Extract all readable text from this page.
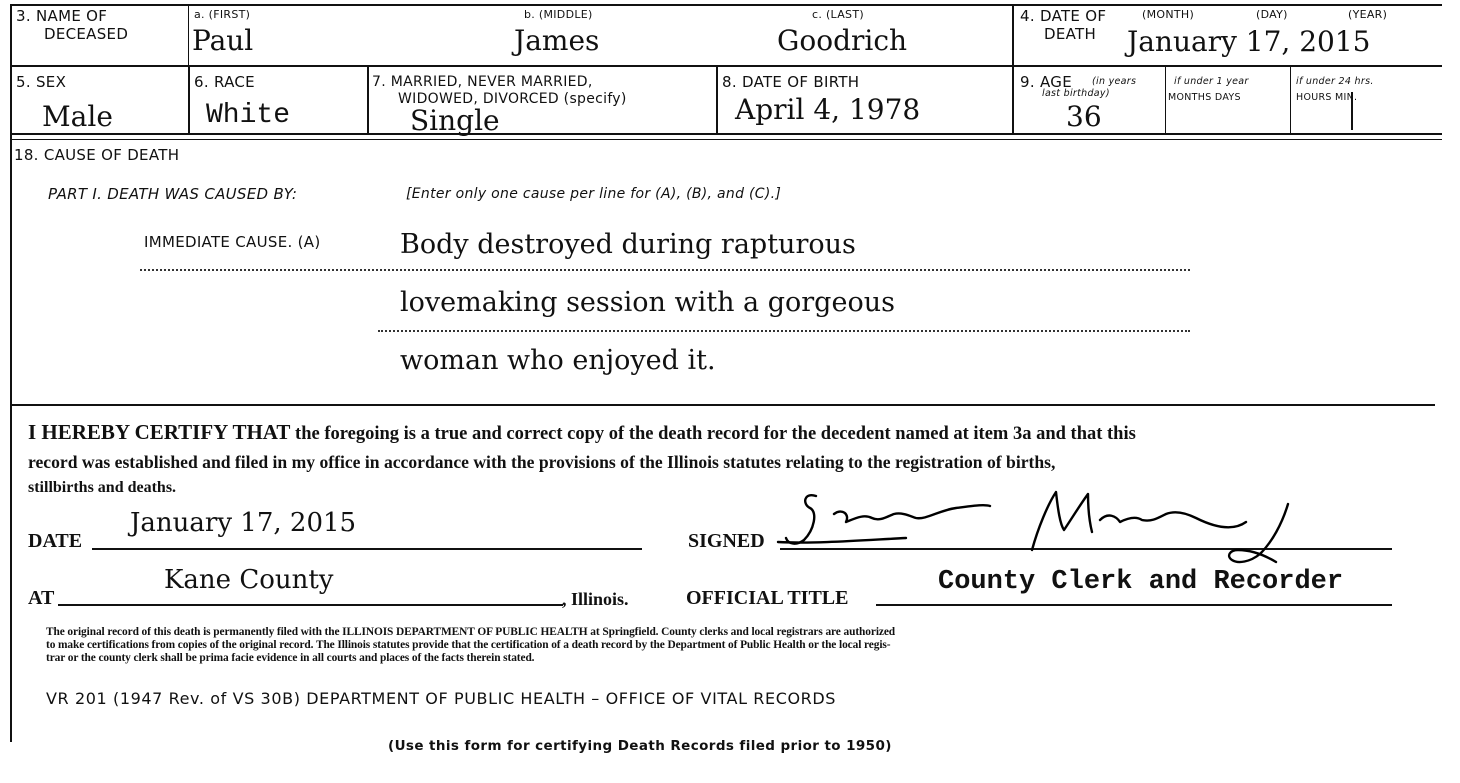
3. NAME OF
DECEASED
a. (FIRST)	b. (MIDDLE)	c. (LAST)
Paul	James	Goodrich
4. DATE OF
DEATH
(MONTH)	(DAY)	(YEAR)
January 17, 2015
5. SEX
Male
6. RACE
White
7. MARRIED, NEVER MARRIED,
WIDOWED, DIVORCED (specify)
Single
8. DATE OF BIRTH
April 4, 1978
9. AGE (in years
last birthday)
36
if under 1 year
MONTHS DAYS
if under 24 hrs.
HOURS MIN.
18. CAUSE OF DEATH
PART I. DEATH WAS CAUSED BY:	[Enter only one cause per line for (A), (B), and (C).]
IMMEDIATE CAUSE. (A)	Body destroyed during rapturous
lovemaking session with a gorgeous
woman who enjoyed it.
I HEREBY CERTIFY THAT the foregoing is a true and correct copy of the death record for the decedent named at item 3a and that this
record was established and filed in my office in accordance with the provisions of the Illinois statutes relating to the registration of births,
stillbirths and deaths.
DATE
January 17, 2015
SIGNED
AT
Kane County
, Illinois.	OFFICIAL TITLE
County Clerk and Recorder
The original record of this death is permanently filed with the ILLINOIS DEPARTMENT OF PUBLIC HEALTH at Springfield. County clerks and local registrars are authorized
to make certifications from copies of the original record. The Illinois statutes provide that the certification of a death record by the Department of Public Health or the local regis-
trar or the county clerk shall be prima facie evidence in all courts and places of the facts therein stated.
VR 201 (1947 Rev. of VS 30B) DEPARTMENT OF PUBLIC HEALTH – OFFICE OF VITAL RECORDS
(Use this form for certifying Death Records filed prior to 1950)
